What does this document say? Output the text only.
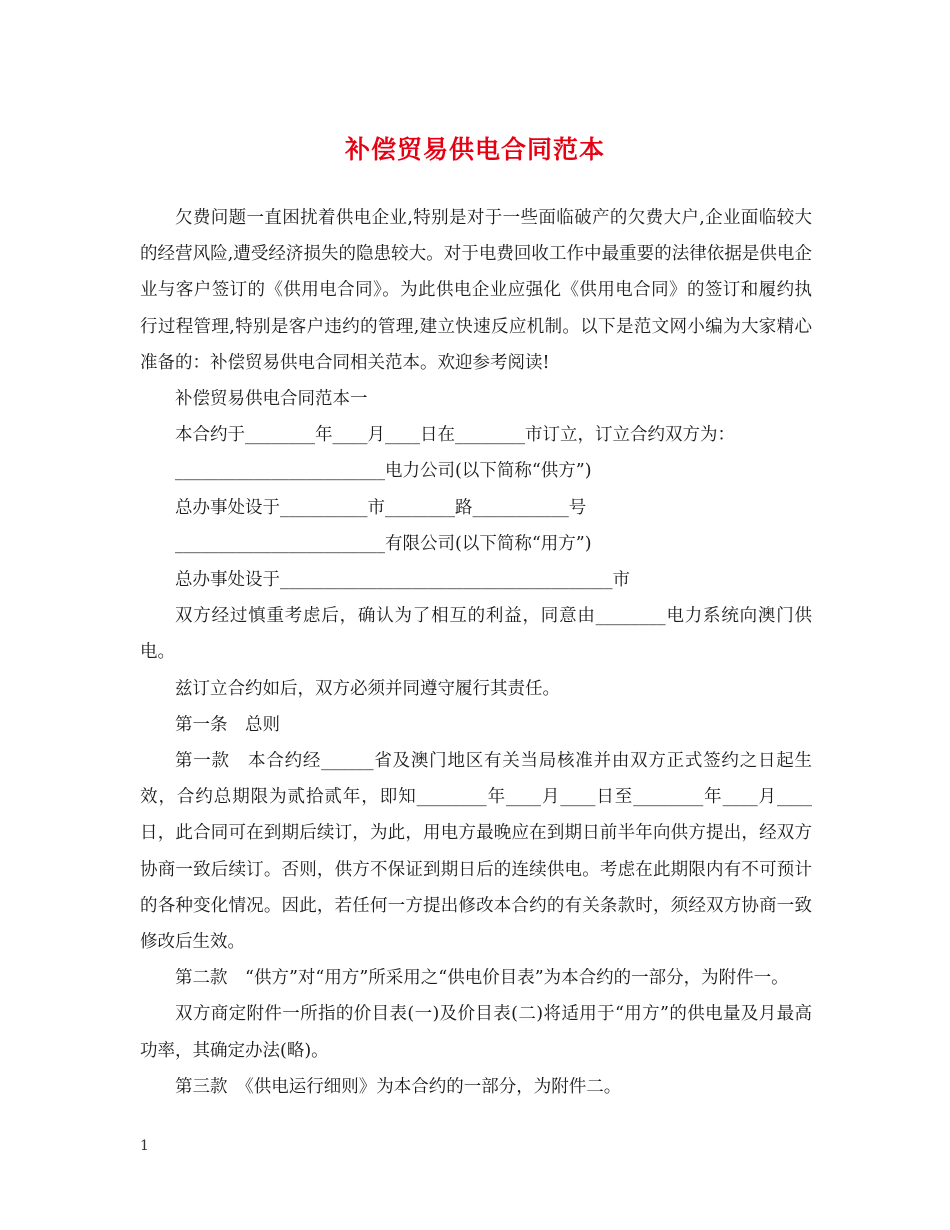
补偿贸易供电合同范本

欠费问题一直困扰着供电企业,特别是对于一些面临破产的欠费大户,企业面临较大的经营风险,遭受经济损失的隐患较大。对于电费回收工作中最重要的法律依据是供电企业与客户签订的《供用电合同》。为此供电企业应强化《供用电合同》的签订和履约执行过程管理,特别是客户违约的管理,建立快速反应机制。以下是范文网小编为大家精心准备的：补偿贸易供电合同相关范本。欢迎参考阅读!

补偿贸易供电合同范本一

本合约于________年____月____日在________市订立，订立合约双方为：

________________________电力公司(以下简称“供方”)

总办事处设于__________市________路___________号

________________________有限公司(以下简称“用方”)

总办事处设于______________________________________市

双方经过慎重考虑后，确认为了相互的利益，同意由________电力系统向澳门供电。

兹订立合约如后，双方必须并同遵守履行其责任。

第一条　总则

第一款　本合约经______省及澳门地区有关当局核准并由双方正式签约之日起生效，合约总期限为贰拾贰年，即知________年____月____日至________年____月____日，此合同可在到期后续订，为此，用电方最晚应在到期日前半年向供方提出，经双方协商一致后续订。否则，供方不保证到期日后的连续供电。考虑在此期限内有不可预计的各种变化情况。因此，若任何一方提出修改本合约的有关条款时，须经双方协商一致修改后生效。

第二款　“供方”对“用方”所采用之“供电价目表”为本合约的一部分，为附件一。

双方商定附件一所指的价目表(一)及价目表(二)将适用于“用方”的供电量及月最高功率，其确定办法(略)。

第三款　《供电运行细则》为本合约的一部分，为附件二。

1
